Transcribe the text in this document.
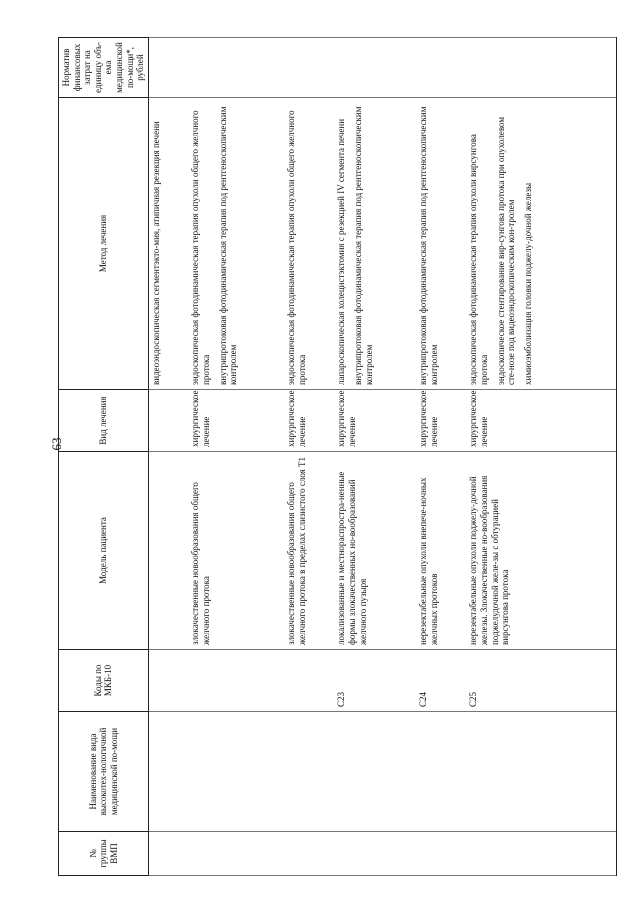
63
№ группы ВМП	Наименование вида высокотех-нологичной медицинской по-мощи	Коды по МКБ-10	Модель пациента	Вид лечения	Метод лечения	Норматив финансовых затрат на единицу объ-ема медицинской по-мощи*, рублей

					видеоэндоскопическая сегментэкто-мия, атипичная резекция печени	

			злокачественные новообразования общего желчного протока	хирургическое лечение	эндоскопическая фотодинамическая терапия опухоли общего желчного протока внутрипротоковая фотодинамическая терапия под рентгеноскопическим контролем	

			злокачественные новообразования общего желчного протока в пределах слизистого слоя T1	хирургическое лечение	эндоскопическая фотодинамическая терапия опухоли общего желчного протока	

		C23	локализованные и местнораспростра-ненные формы злокачественных но-вообразований желчного пузыря	хирургическое лечение	лапароскопическая холецистэктомия с резекцией IV сегмента печени внутрипротоковая фотодинамическая терапия под рентгеноскопическим контролем	

		C24	нерезектабельные опухоли внепече-ночных желчных протоков	хирургическое лечение	внутрипротоковая фотодинамическая терапия под рентгеноскопическим контролем	

		C25	нерезектабельные опухоли поджелу-дочной железы. Злокачественные но-вообразования поджелудочной желе-зы с обтурацией вирсунгова протока	хирургическое лечение	эндоскопическая фотодинамическая терапия опухоли вирсунгова протока эндоскопическое стентирование вир-сунгова протока при опухолевом сте-нозе под видеоэндоскопическим кон-тролем химиоэмболизация головки поджелу-дочной железы	
